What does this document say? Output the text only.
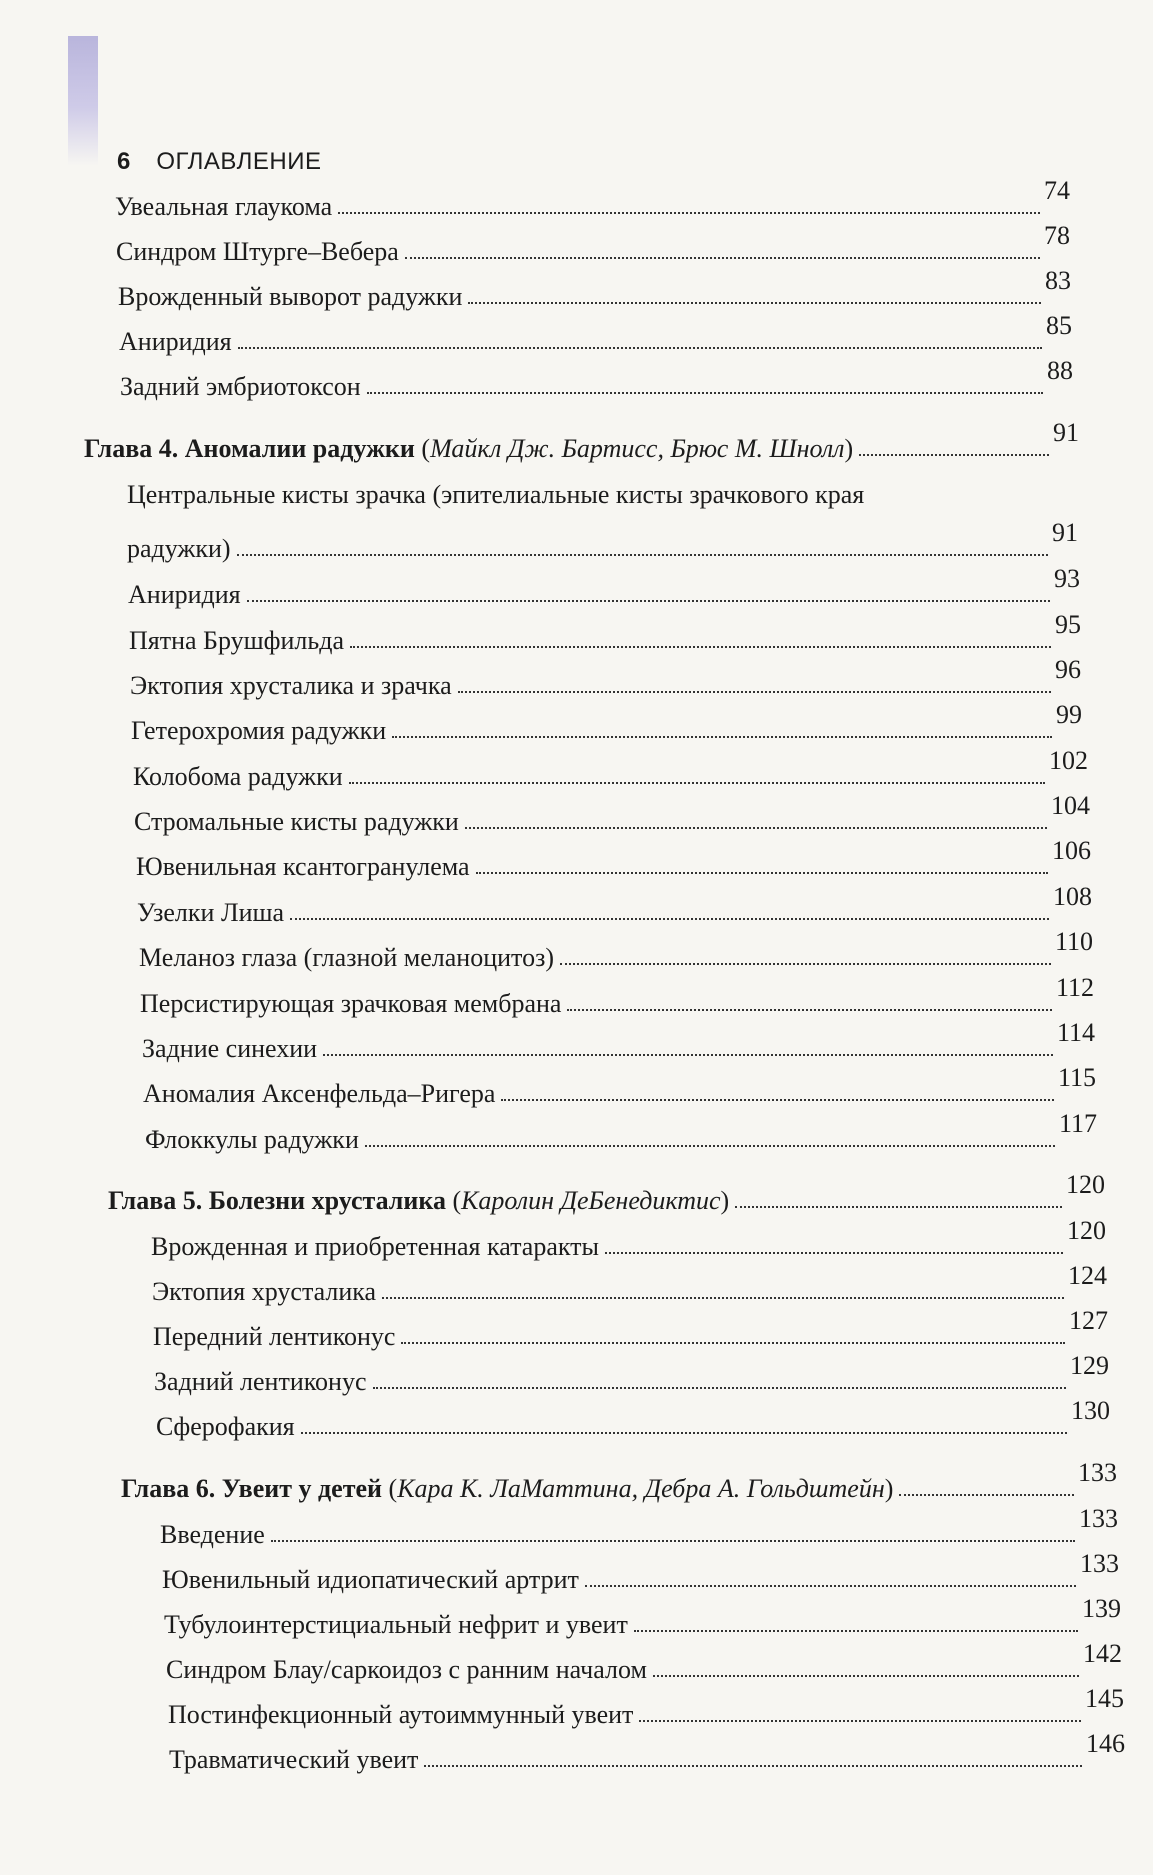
6 ОГЛАВЛЕНИЕ
Увеальная глаукома
74
Синдром Штурге–Вебера
78
Врожденный выворот радужки
83
Аниридия
85
Задний эмбриотоксон
88
Глава 4. Аномалии радужки (Майкл Дж. Бартисс, Брюс М. Шнолл)
91
Центральные кисты зрачка (эпителиальные кисты зрачкового края
радужки)
91
Аниридия
93
Пятна Брушфильда
95
Эктопия хрусталика и зрачка
96
Гетерохромия радужки
99
Колобома радужки
102
Стромальные кисты радужки
104
Ювенильная ксантогранулема
106
Узелки Лиша
108
Меланоз глаза (глазной меланоцитоз)
110
Персистирующая зрачковая мембрана
112
Задние синехии
114
Аномалия Аксенфельда–Ригера
115
Флоккулы радужки
117
Глава 5. Болезни хрусталика (Каролин ДеБенедиктис)
120
Врожденная и приобретенная катаракты
120
Эктопия хрусталика
124
Передний лентиконус
127
Задний лентиконус
129
Сферофакия
130
Глава 6. Увеит у детей (Кара К. ЛаМаттина, Дебра А. Гольдштейн)
133
Введение
133
Ювенильный идиопатический артрит
133
Тубулоинтерстициальный нефрит и увеит
139
Синдром Блау/саркоидоз с ранним началом
142
Постинфекционный аутоиммунный увеит
145
Травматический увеит
146
